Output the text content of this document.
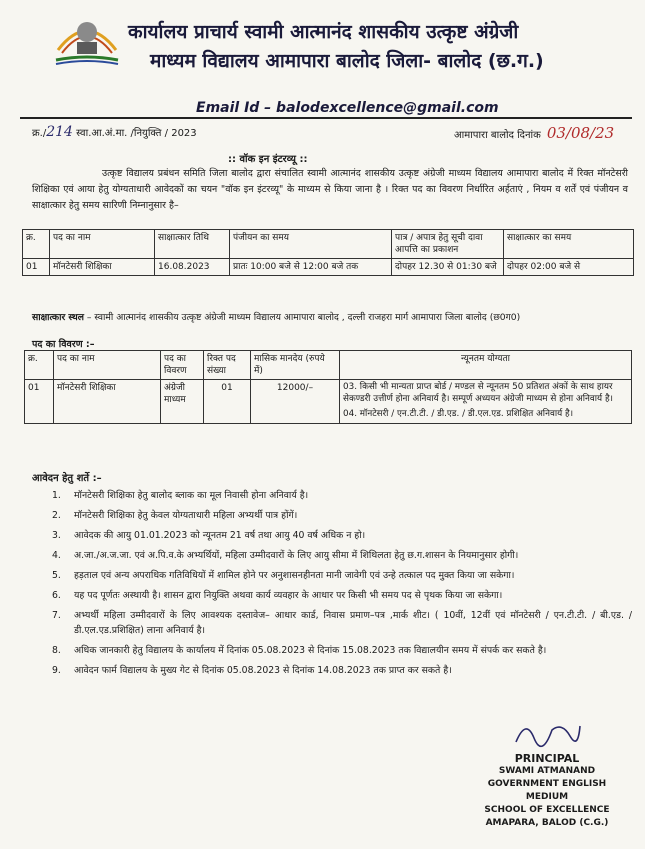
कार्यालय प्राचार्य स्वामी आत्मानंद शासकीय उत्कृष्ट अंग्रेजी
माध्यम विद्यालय आमापारा बालोद जिला- बालोद (छ.ग.)
Email Id – balodexcellence@gmail.com
क्र./214 स्वा.आ.अं.मा. /नियुक्ति / 2023	आमापारा बालोद दिनांक 03/08/23
:: वॉक इन इंटरव्यू ::
उत्कृष्ट विद्यालय प्रबंधन समिति जिला बालोद द्वारा संचालित स्वामी आत्मानंद शासकीय उत्कृष्ट अंग्रेजी माध्यम विद्यालय आमापारा बालोद में रिक्त मॉनटेसरी शिक्षिका एवं आया हेतु योग्यताधारी आवेदकों का चयन "वॉक इन इंटरव्यू" के माध्यम से किया जाना है । रिक्त पद का विवरण निर्धारित अर्हताएं , नियम व शर्तें एवं पंजीयन व साक्षात्कार हेतु समय सारिणी निम्नानुसार है–
क्र.	पद का नाम	साक्षात्कार तिथि	पंजीयन का समय	पात्र / अपात्र हेतु सूची दावा आपत्ति का प्रकाशन	साक्षात्कार का समय
01	मॉनटेसरी शिक्षिका	16.08.2023	प्रातः 10:00 बजे से 12:00 बजे तक	दोपहर 12.30 से 01:30 बजे	दोपहर 02:00 बजे से
साक्षात्कार स्थल – स्वामी आत्मानंद शासकीय उत्कृष्ट अंग्रेजी माध्यम विद्यालय आमापारा बालोद , दल्ली राजहरा मार्ग आमापारा जिला बालोद (छ0ग0)
पद का विवरण :–
क्र.	पद का नाम	पद का विवरण	रिक्त पद संख्या	मासिक मानदेय (रुपये में)	न्यूनतम योग्यता
01	मॉनटेसरी शिक्षिका	अंग्रेजी माध्यम	01	12000/–	03. किसी भी मान्यता प्राप्त बोर्ड / मण्डल से न्यूनतम 50 प्रतिशत अंकों के साथ हायर सेकण्डरी उत्तीर्ण होना अनिवार्य है। सम्पूर्ण अध्ययन अंग्रेजी माध्यम से होना अनिवार्य है।
04. मॉनटेसरी / एन.टी.टी. / डी.एड. / डी.एल.एड. प्रशिक्षित अनिवार्य है।
आवेदन हेतु शर्ते :–
1. मॉनटेसरी शिक्षिका हेतु बालोद ब्लाक का मूल निवासी होना अनिवार्य है।
2. मॉनटेसरी शिक्षिका हेतु केवल योग्यताधारी महिला अभ्यर्थी पात्र होंगें।
3. आवेदक की आयु 01.01.2023 को न्यूनतम 21 वर्ष तथा आयु 40 वर्ष अधिक न हो।
4. अ.जा./अ.ज.जा. एवं अ.पि.व.के अभ्यर्थियों, महिला उम्मीदवारों के लिए आयु सीमा में शिथिलता हेतु छ.ग.शासन के नियमानुसार होगी।
5. हड़ताल एवं अन्य अपराधिक गतिविधियों में शामिल होने पर अनुशासनहीनता मानी जावेगी एवं उन्हे तत्काल पद मुक्त किया जा सकेगा।
6. यह पद पूर्णतः अस्थायी है। शासन द्वारा नियुक्ति अथवा कार्य व्यवहार के आधार पर किसी भी समय पद से पृथक किया जा सकेगा।
7. अभ्यर्थी महिला उम्मीदवारों के लिए आवश्यक दस्तावेज– आधार कार्ड, निवास प्रमाण–पत्र ,मार्क शीट। ( 10वीं, 12वीं एवं मॉनटेसरी / एन.टी.टी. / बी.एड. / डी.एल.एड.प्रशिक्षित) लाना अनिवार्य है।
8. अधिक जानकारी हेतु विद्यालय के कार्यालय में दिनांक 05.08.2023 से दिनांक 15.08.2023 तक विद्यालयीन समय में संपर्क कर सकते है।
9. आवेदन फार्म विद्यालय के मुख्य गेट से दिनांक 05.08.2023 से दिनांक 14.08.2023 तक प्राप्त कर सकते है।
PRINCIPAL
SWAMI ATMANAND
GOVERNMENT ENGLISH MEDIUM
SCHOOL OF EXCELLENCE
AMAPARA, BALOD (C.G.)
